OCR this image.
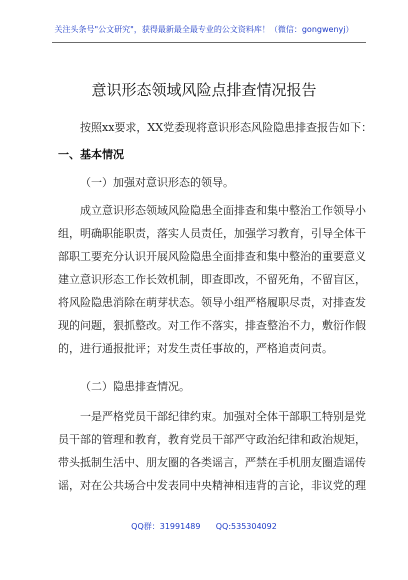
关注头条号"公文研究"，获得最新最全最专业的公文资料库！（微信：gongwenyj）
意识形态领域风险点排查情况报告
按照xx要求，XX党委现将意识形态风险隐患排查报告如下：
一、基本情况
（一）加强对意识形态的领导。
成立意识形态领域风险隐患全面排查和集中整治工作领导小组，明确职能职责，落实人员责任，加强学习教育，引导全体干部职工要充分认识开展风险隐患全面排查和集中整治的重要意义建立意识形态工作长效机制，即查即改，不留死角，不留盲区，将风险隐患消除在萌芽状态。领导小组严格履职尽责，对排查发现的问题，狠抓整改。对工作不落实，排查整治不力，敷衍作假的，进行通报批评；对发生责任事故的，严格追责问责。
（二）隐患排查情况。
一是严格党员干部纪律约束。加强对全体干部职工特别是党员干部的管理和教育，教育党员干部严守政治纪律和政治规矩，带头抵制生活中、朋友圈的各类谣言，严禁在手机朋友圈造谣传谣，对在公共场合中发表同中央精神相违背的言论，非议党的理
QQ群：31991489      QQ:535304092
